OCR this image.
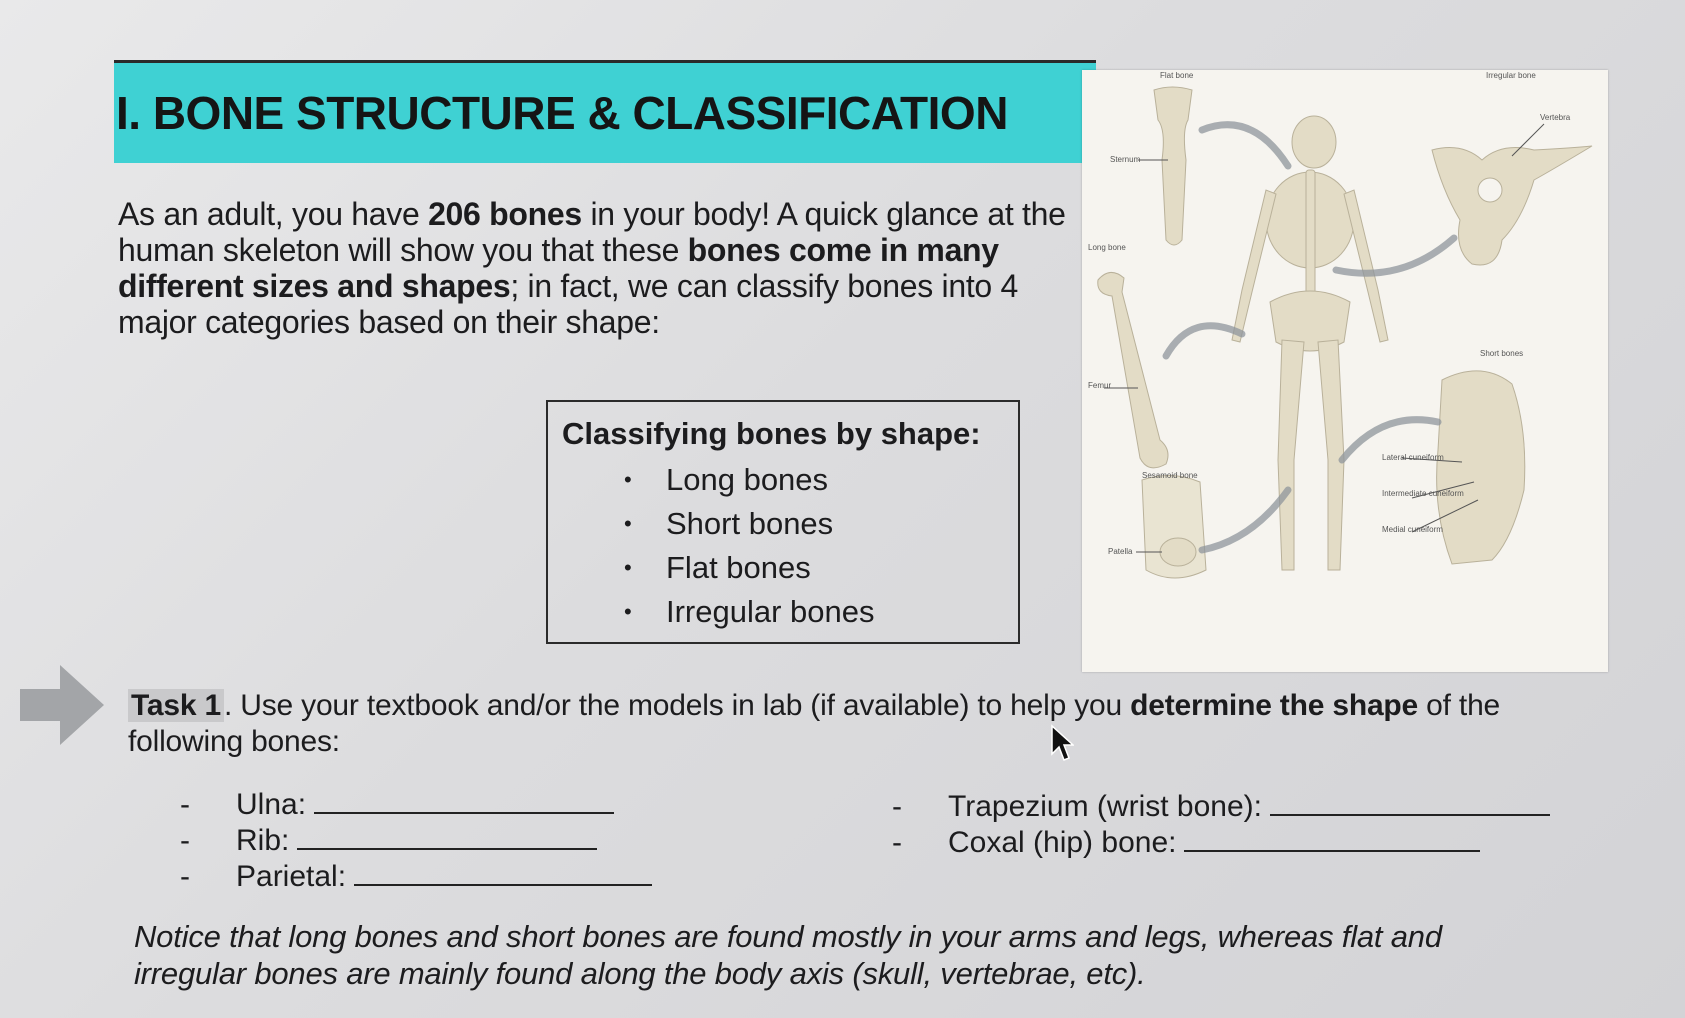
I. BONE STRUCTURE & CLASSIFICATION
As an adult, you have 206 bones in your body! A quick glance at the human skeleton will show you that these bones come in many different sizes and shapes; in fact, we can classify bones into 4 major categories based on their shape:
Classifying bones by shape:
• Long bones
• Short bones
• Flat bones
• Irregular bones
Flat bone
Sternum
Irregular bone
Vertebra
Long bone
Femur
Short bones
Sesamoid bone
Patella
Lateral cuneiform
Intermediate cuneiform
Medial cuneiform
Task 1 . Use your textbook and/or the models in lab (if available) to help you determine the shape of the following bones:
- Ulna:
- Rib:
- Parietal:
- Trapezium (wrist bone):
- Coxal (hip) bone:
Notice that long bones and short bones are found mostly in your arms and legs, whereas flat and irregular bones are mainly found along the body axis (skull, vertebrae, etc).
